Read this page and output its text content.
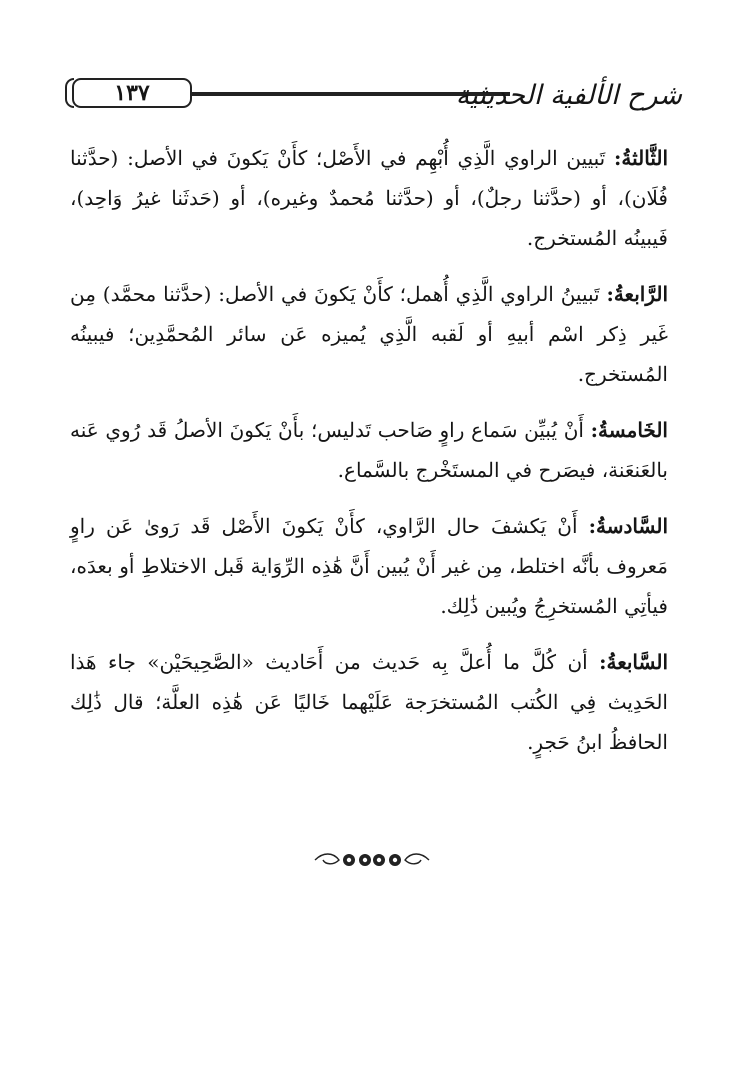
١٣٧	شرح الألفية الحديثية

الثَّالثةُ: تَبيين الراوي الَّذِي أُبْهِم في الأَصْل؛ كأَنْ يَكونَ في الأصل: (حدَّثنا فُلَان)، أو (حدَّثنا رجلٌ)، أو (حدَّثنا مُحمدٌ وغيره)، أو (حَدثَنا غيرُ وَاحِد)، فَيبينُه المُستخرج.

الرَّابعةُ: تَبيينُ الراوي الَّذِي أُهمل؛ كأَنْ يَكونَ في الأصل: (حدَّثنا محمَّد) مِن غَير ذِكر اسْم أبيهِ أو لَقبه الَّذِي يُميزه عَن سائر المُحمَّدِين؛ فيبينُه المُستخرج.

الخَامسةُ: أَنْ يُبيِّن سَماع راوٍ صَاحب تَدليس؛ بأَنْ يَكونَ الأصلُ قَد رُوي عَنه بالعَنعَنة، فيصَرح في المستَخْرج بالسَّماع.

السَّادسةُ: أَنْ يَكشفَ حال الرَّاوي، كأَنْ يَكونَ الأَصْل قَد رَوىٰ عَن راوٍ مَعروف بأنَّه اختلط، مِن غير أَنْ يُبين أَنَّ هَٰذِه الرِّوَاية قَبل الاختلاطِ أو بعدَه، فيأتِي المُستخرِجُ ويُبين ذَٰلِك.

السَّابعةُ: أن كُلَّ ما أُعلَّ بِه حَديث من أَحَاديث «الصَّحِيحَيْن» جاء هَذا الحَدِيث فِي الكُتب المُستخرَجة عَلَيْهما خَاليًا عَن هَٰذِه العلَّة؛ قال ذَٰلِك الحافظُ ابنُ حَجرٍ.
